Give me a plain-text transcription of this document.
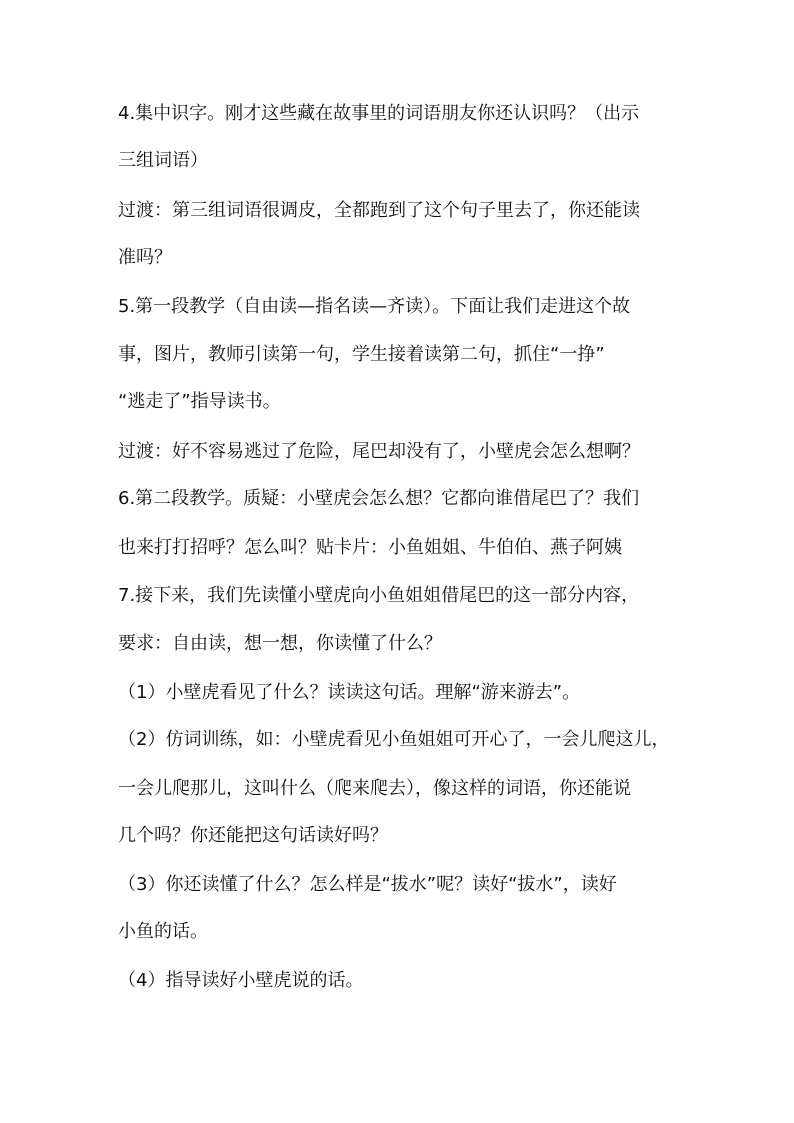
4.集中识字。刚才这些藏在故事里的词语朋友你还认识吗？（出示
三组词语）
过渡：第三组词语很调皮，全都跑到了这个句子里去了，你还能读
准吗？
5.第一段教学（自由读—指名读—齐读）。下面让我们走进这个故
事，图片，教师引读第一句，学生接着读第二句，抓住“一挣”
“逃走了”指导读书。
过渡：好不容易逃过了危险，尾巴却没有了，小壁虎会怎么想啊？
6.第二段教学。质疑：小壁虎会怎么想？它都向谁借尾巴了？我们
也来打打招呼？怎么叫？贴卡片：小鱼姐姐、牛伯伯、燕子阿姨
7.接下来，我们先读懂小壁虎向小鱼姐姐借尾巴的这一部分内容，
要求：自由读，想一想，你读懂了什么？
（1）小壁虎看见了什么？读读这句话。理解“游来游去”。
（2）仿词训练，如：小壁虎看见小鱼姐姐可开心了，一会儿爬这儿，
一会儿爬那儿，这叫什么（爬来爬去），像这样的词语，你还能说
几个吗？你还能把这句话读好吗？
（3）你还读懂了什么？怎么样是“拔水”呢？读好“拔水”，读好
小鱼的话。
（4）指导读好小壁虎说的话。
